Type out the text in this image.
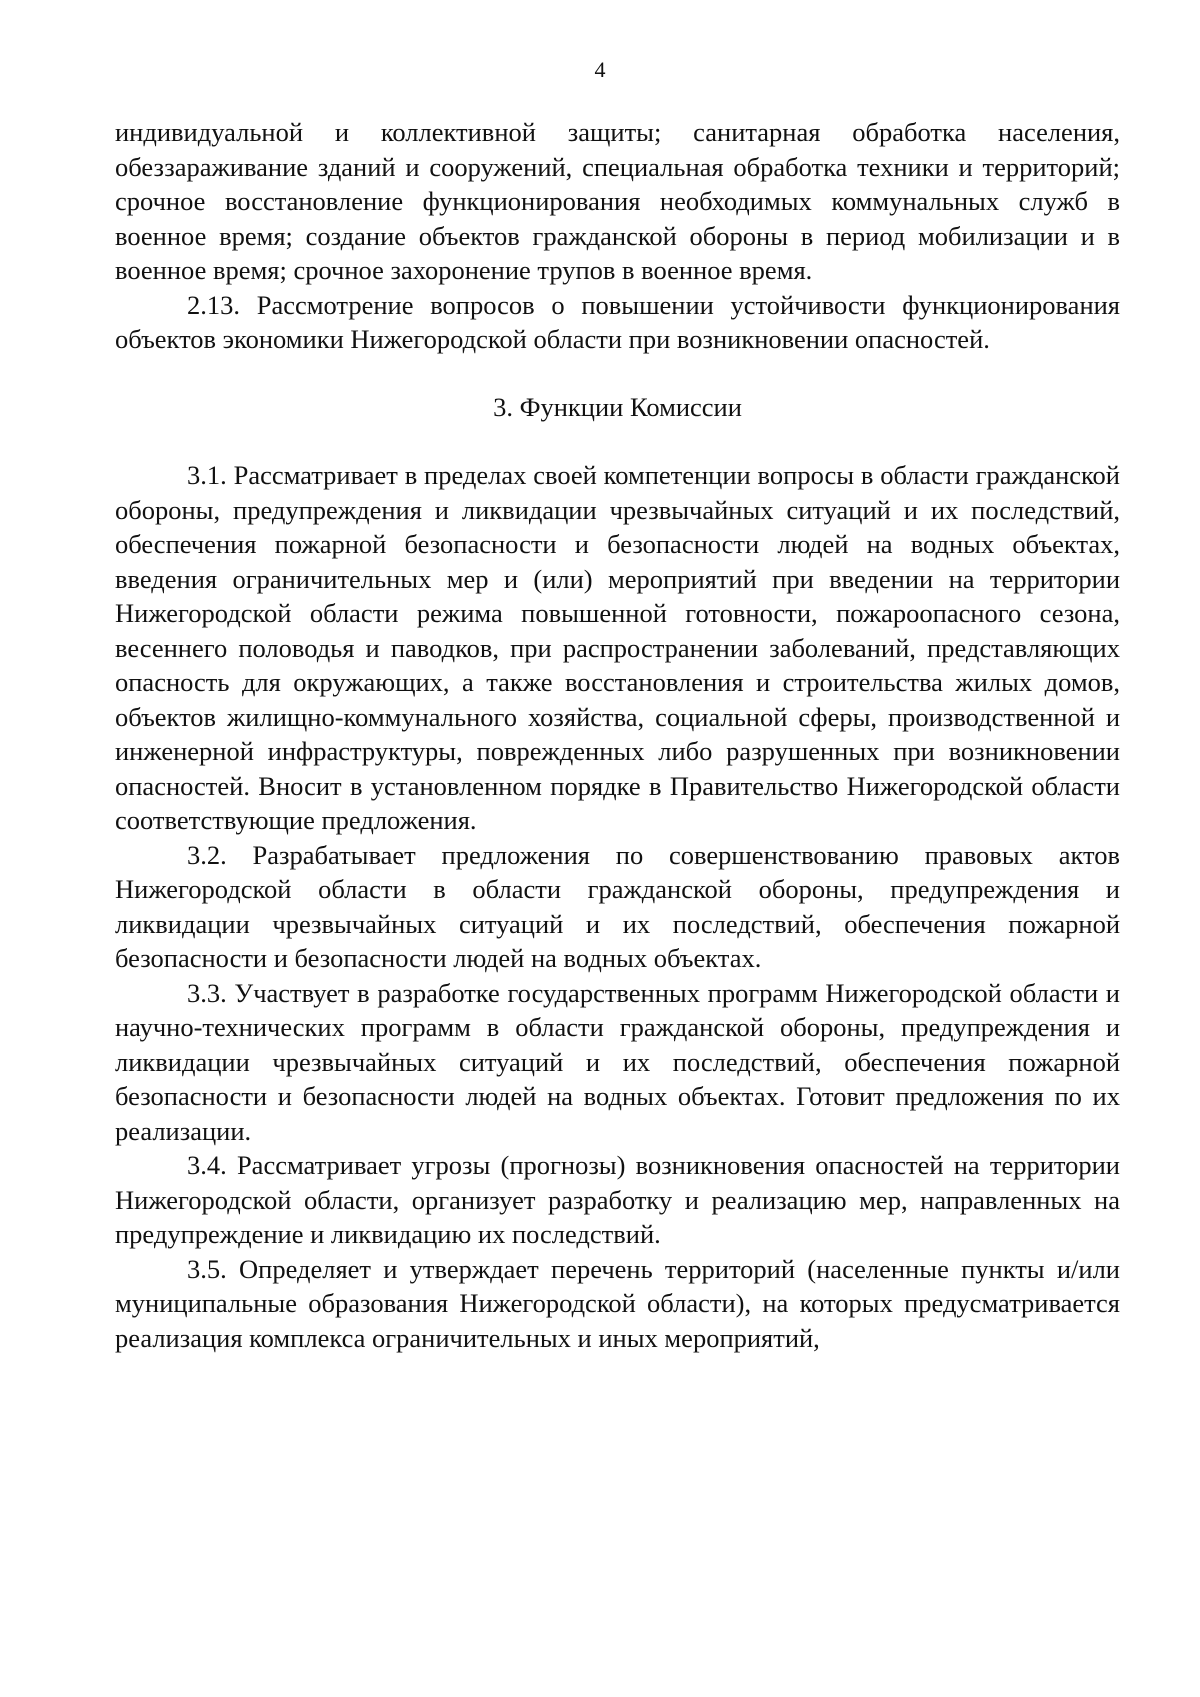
4

индивидуальной и коллективной защиты; санитарная обработка населения, обеззараживание зданий и сооружений, специальная обработка техники и территорий; срочное восстановление функционирования необходимых коммунальных служб в военное время; создание объектов гражданской обороны в период мобилизации и в военное время; срочное захоронение трупов в военное время.

2.13. Рассмотрение вопросов о повышении устойчивости функционирования объектов экономики Нижегородской области при возникновении опасностей.

3. Функции Комиссии

3.1. Рассматривает в пределах своей компетенции вопросы в области гражданской обороны, предупреждения и ликвидации чрезвычайных ситуаций и их последствий, обеспечения пожарной безопасности и безопасности людей на водных объектах, введения ограничительных мер и (или) мероприятий при введении на территории Нижегородской области режима повышенной готовности, пожароопасного сезона, весеннего половодья и паводков, при распространении заболеваний, представляющих опасность для окружающих, а также восстановления и строительства жилых домов, объектов жилищно-коммунального хозяйства, социальной сферы, производственной и инженерной инфраструктуры, поврежденных либо разрушенных при возникновении опасностей. Вносит в установленном порядке в Правительство Нижегородской области соответствующие предложения.

3.2. Разрабатывает предложения по совершенствованию правовых актов Нижегородской области в области гражданской обороны, предупреждения и ликвидации чрезвычайных ситуаций и их последствий, обеспечения пожарной безопасности и безопасности людей на водных объектах.

3.3. Участвует в разработке государственных программ Нижегородской области и научно-технических программ в области гражданской обороны, предупреждения и ликвидации чрезвычайных ситуаций и их последствий, обеспечения пожарной безопасности и безопасности людей на водных объектах. Готовит предложения по их реализации.

3.4. Рассматривает угрозы (прогнозы) возникновения опасностей на территории Нижегородской области, организует разработку и реализацию мер, направленных на предупреждение и ликвидацию их последствий.

3.5. Определяет и утверждает перечень территорий (населенные пункты и/или муниципальные образования Нижегородской области), на которых предусматривается реализация комплекса ограничительных и иных мероприятий,
